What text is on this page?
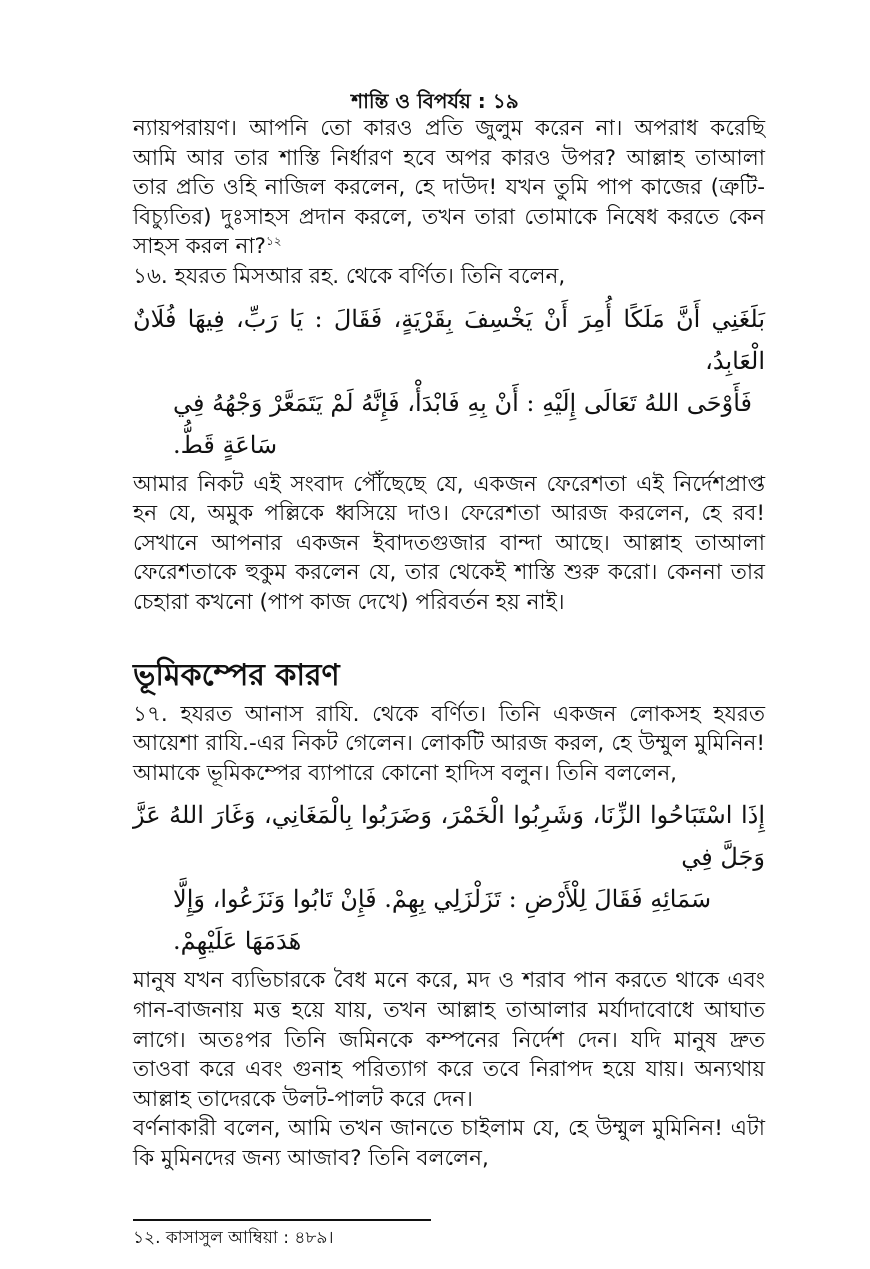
শান্তি ও বিপর্যয় : ১৯

ন্যায়পরায়ণ। আপনি তো কারও প্রতি জুলুম করেন না। অপরাধ করেছি আমি আর তার শাস্তি নির্ধারণ হবে অপর কারও উপর? আল্লাহ তাআলা তার প্রতি ওহি নাজিল করলেন, হে দাউদ! যখন তুমি পাপ কাজের (ত্রুটি-বিচ্যুতির) দুঃসাহস প্রদান করলে, তখন তারা তোমাকে নিষেধ করতে কেন সাহস করল না?$^{১২}$

১৬. হযরত মিসআর রহ. থেকে বর্ণিত। তিনি বলেন,

بَلَغَنِي أَنَّ مَلَكًا أُمِرَ أَنْ يَخْسِفَ بِقَرْيَةٍ، فَقَالَ : يَا رَبِّ، فِيهَا فُلَانٌ الْعَابِدُ،
فَأَوْحَى اللهُ تَعَالَى إِلَيْهِ : أَنْ بِهِ فَابْدَأْ، فَإِنَّهُ لَمْ يَتَمَعَّرْ وَجْهُهُ فِي سَاعَةٍ قَطُّ.

আমার নিকট এই সংবাদ পৌঁছেছে যে, একজন ফেরেশতা এই নির্দেশপ্রাপ্ত হন যে, অমুক পল্লিকে ধ্বসিয়ে দাও। ফেরেশতা আরজ করলেন, হে রব! সেখানে আপনার একজন ইবাদতগুজার বান্দা আছে। আল্লাহ তাআলা ফেরেশতাকে হুকুম করলেন যে, তার থেকেই শাস্তি শুরু করো। কেননা তার চেহারা কখনো (পাপ কাজ দেখে) পরিবর্তন হয় নাই।

ভূমিকম্পের কারণ

১৭. হযরত আনাস রাযি. থেকে বর্ণিত। তিনি একজন লোকসহ হযরত আয়েশা রাযি.-এর নিকট গেলেন। লোকটি আরজ করল, হে উম্মুল মুমিনিন! আমাকে ভূমিকম্পের ব্যাপারে কোনো হাদিস বলুন। তিনি বললেন,

إِذَا اسْتَبَاحُوا الزِّنَا، وَشَرِبُوا الْخَمْرَ، وَضَرَبُوا بِالْمَغَانِي، وَغَارَ اللهُ عَزَّ وَجَلَّ فِي
سَمَائِهِ فَقَالَ لِلْأَرْضِ : تَزَلْزَلِي بِهِمْ. فَإِنْ تَابُوا وَنَزَعُوا، وَإِلَّا هَدَمَهَا عَلَيْهِمْ.

মানুষ যখন ব্যভিচারকে বৈধ মনে করে, মদ ও শরাব পান করতে থাকে এবং গান-বাজনায় মত্ত হয়ে যায়, তখন আল্লাহ তাআলার মর্যাদাবোধে আঘাত লাগে। অতঃপর তিনি জমিনকে কম্পনের নির্দেশ দেন। যদি মানুষ দ্রুত তাওবা করে এবং গুনাহ পরিত্যাগ করে তবে নিরাপদ হয়ে যায়। অন্যথায় আল্লাহ তাদেরকে উলট-পালট করে দেন।

বর্ণনাকারী বলেন, আমি তখন জানতে চাইলাম যে, হে উম্মুল মুমিনিন! এটা কি মুমিনদের জন্য আজাব? তিনি বললেন,

১২. কাসাসুল আম্বিয়া : ৪৮৯।
